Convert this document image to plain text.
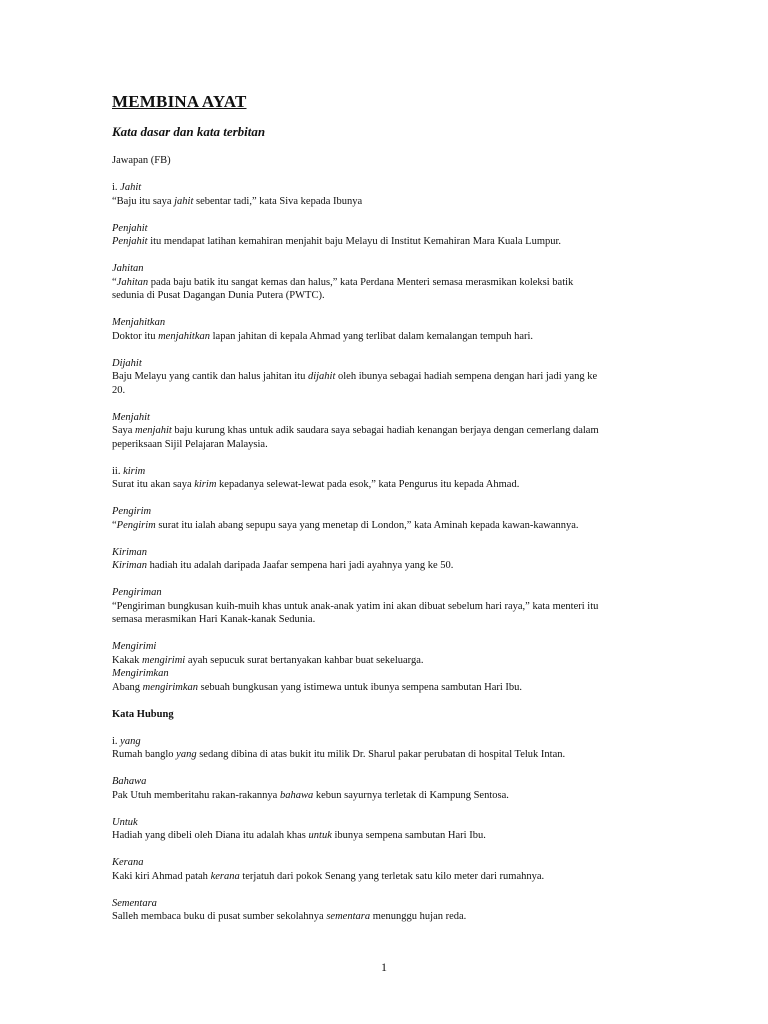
MEMBINA AYAT

Kata dasar dan kata terbitan

Jawapan (FB)

i. Jahit

“Baju itu saya jahit sebentar tadi,” kata Siva kepada Ibunya

Penjahit

Penjahit itu mendapat latihan kemahiran menjahit baju Melayu di Institut Kemahiran Mara Kuala Lumpur.

Jahitan

“Jahitan pada baju batik itu sangat kemas dan halus,” kata Perdana Menteri semasa merasmikan koleksi batik

sedunia di Pusat Dagangan Dunia Putera (PWTC).

Menjahitkan

Doktor itu menjahitkan lapan jahitan di kepala Ahmad yang terlibat dalam kemalangan tempuh hari.

Dijahit

Baju Melayu yang cantik dan halus jahitan itu dijahit oleh ibunya sebagai hadiah sempena dengan hari jadi yang ke

20.

Menjahit

Saya menjahit baju kurung khas untuk adik saudara saya sebagai hadiah kenangan berjaya dengan cemerlang dalam

peperiksaan Sijil Pelajaran Malaysia.

ii. kirim

Surat itu akan saya kirim kepadanya selewat-lewat pada esok,” kata Pengurus itu kepada Ahmad.

Pengirim

“Pengirim surat itu ialah abang sepupu saya yang menetap di London,” kata Aminah kepada kawan-kawannya.

Kiriman

Kiriman hadiah itu adalah daripada Jaafar sempena hari jadi ayahnya yang ke 50.

Pengiriman

“Pengiriman bungkusan kuih-muih khas untuk anak-anak yatim ini akan dibuat sebelum hari raya,” kata menteri itu

semasa merasmikan Hari Kanak-kanak Sedunia.

Mengirimi

Kakak mengirimi ayah sepucuk surat bertanyakan kahbar buat sekeluarga.

Mengirimkan

Abang mengirimkan sebuah bungkusan yang istimewa untuk ibunya sempena sambutan Hari Ibu.

Kata Hubung

i. yang

Rumah banglo yang sedang dibina di atas bukit itu milik Dr. Sharul pakar perubatan di hospital Teluk Intan.

Bahawa

Pak Utuh memberitahu rakan-rakannya bahawa kebun sayurnya terletak di Kampung Sentosa.

Untuk

Hadiah yang dibeli oleh Diana itu adalah khas untuk ibunya sempena sambutan Hari Ibu.

Kerana

Kaki kiri Ahmad patah kerana terjatuh dari pokok Senang yang terletak satu kilo meter dari rumahnya.

Sementara

Salleh membaca buku di pusat sumber sekolahnya sementara menunggu hujan reda.

1
